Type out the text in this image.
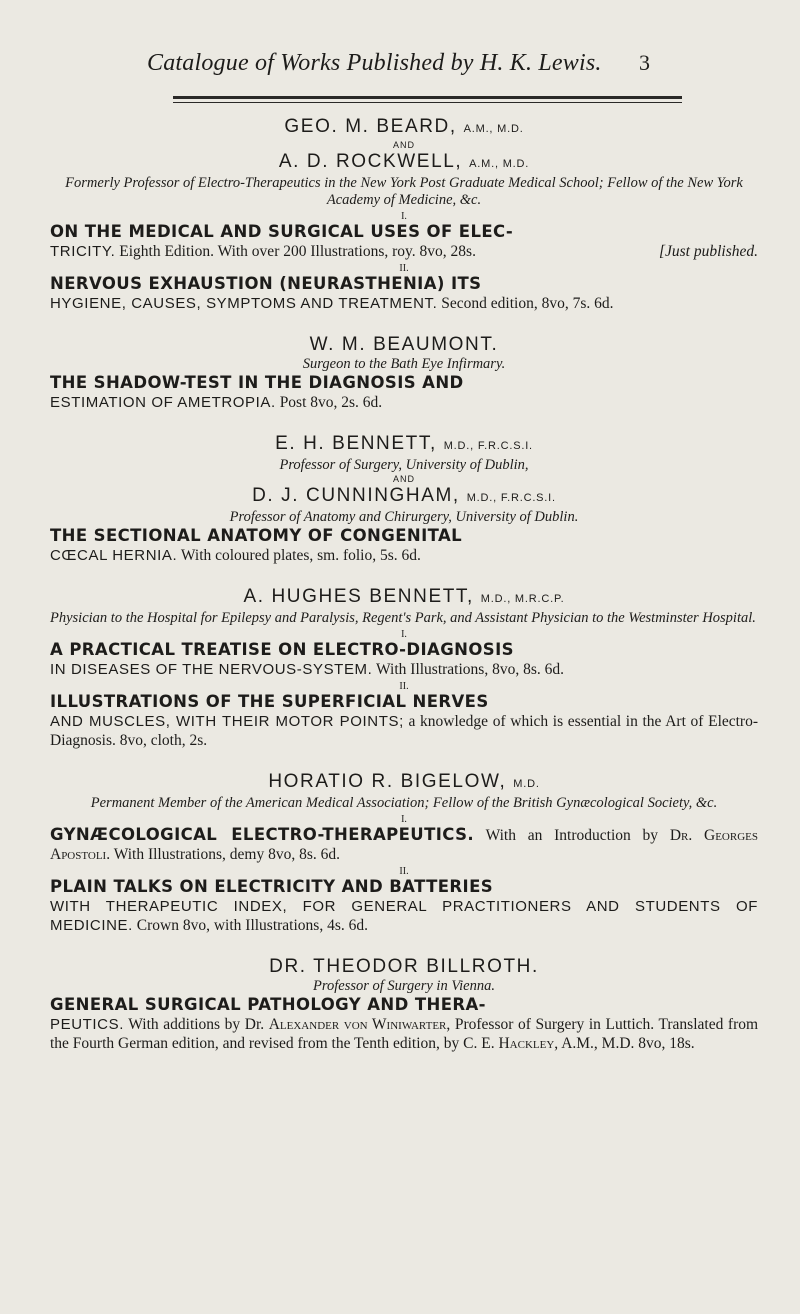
Catalogue of Works Published by H. K. Lewis. 3
GEO. M. BEARD, A.M., M.D.
AND
A. D. ROCKWELL, A.M., M.D.
Formerly Professor of Electro-Therapeutics in the New York Post Graduate Medical School; Fellow of the New York Academy of Medicine, &c.
I.
ON THE MEDICAL AND SURGICAL USES OF ELEC-
TRICITY. Eighth Edition. With over 200 Illustrations, roy. 8vo, 28s.	[Just published.
II.
NERVOUS EXHAUSTION (NEURASTHENIA) ITS
HYGIENE, CAUSES, SYMPTOMS AND TREATMENT. Second edition, 8vo, 7s. 6d.
W. M. BEAUMONT.
Surgeon to the Bath Eye Infirmary.
THE SHADOW-TEST IN THE DIAGNOSIS AND
ESTIMATION OF AMETROPIA. Post 8vo, 2s. 6d.
E. H. BENNETT, M.D., F.R.C.S.I.
Professor of Surgery, University of Dublin,
AND
D. J. CUNNINGHAM, M.D., F.R.C.S.I.
Professor of Anatomy and Chirurgery, University of Dublin.
THE SECTIONAL ANATOMY OF CONGENITAL
CŒCAL HERNIA. With coloured plates, sm. folio, 5s. 6d.
A. HUGHES BENNETT, M.D., M.R.C.P.
Physician to the Hospital for Epilepsy and Paralysis, Regent's Park, and Assistant Physician to the Westminster Hospital.
I.
A PRACTICAL TREATISE ON ELECTRO-DIAGNOSIS
IN DISEASES OF THE NERVOUS-SYSTEM. With Illustrations, 8vo, 8s. 6d.
II.
ILLUSTRATIONS OF THE SUPERFICIAL NERVES
AND MUSCLES, WITH THEIR MOTOR POINTS; a knowledge of which is essential in the Art of Electro-Diagnosis. 8vo, cloth, 2s.
HORATIO R. BIGELOW, M.D.
Permanent Member of the American Medical Association; Fellow of the British Gynæcological Society, &c.
I.
GYNÆCOLOGICAL ELECTRO-THERAPEUTICS. With an Introduction by Dr. Georges Apostoli. With Illustrations, demy 8vo, 8s. 6d.
II.
PLAIN TALKS ON ELECTRICITY AND BATTERIES
WITH THERAPEUTIC INDEX, FOR GENERAL PRACTITIONERS AND STUDENTS OF MEDICINE. Crown 8vo, with Illustrations, 4s. 6d.
DR. THEODOR BILLROTH.
Professor of Surgery in Vienna.
GENERAL SURGICAL PATHOLOGY AND THERA-
PEUTICS. With additions by Dr. Alexander von Winiwarter, Professor of Surgery in Luttich. Translated from the Fourth German edition, and revised from the Tenth edition, by C. E. Hackley, A.M., M.D. 8vo, 18s.
